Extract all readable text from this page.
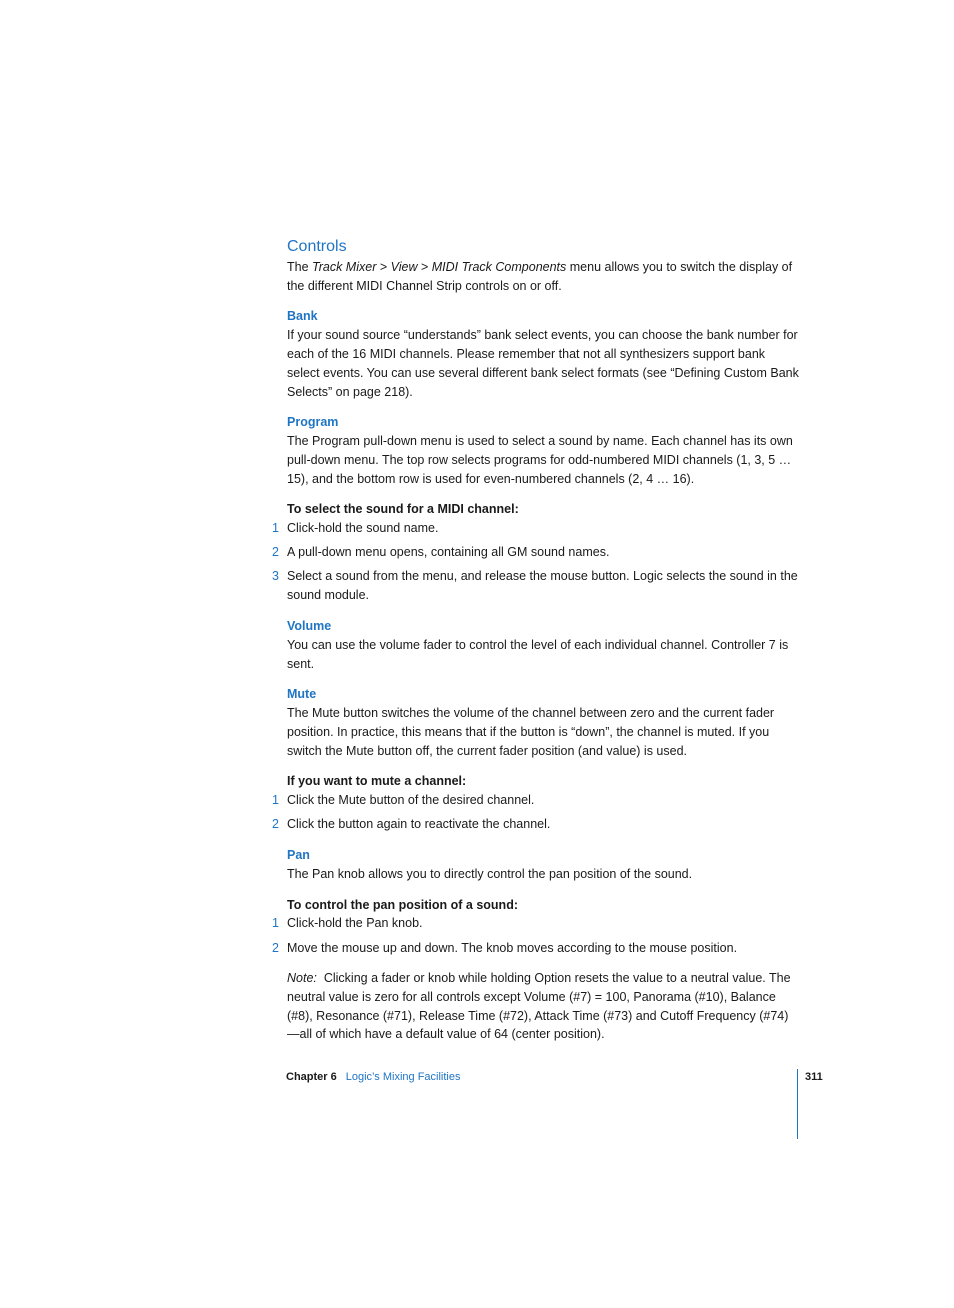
Controls

The Track Mixer > View > MIDI Track Components menu allows you to switch the display of the different MIDI Channel Strip controls on or off.

Bank

If your sound source “understands” bank select events, you can choose the bank number for each of the 16 MIDI channels. Please remember that not all synthesizers support bank select events. You can use several different bank select formats (see “Defining Custom Bank Selects” on page 218).

Program

The Program pull-down menu is used to select a sound by name. Each channel has its own pull-down menu. The top row selects programs for odd-numbered MIDI channels (1, 3, 5 … 15), and the bottom row is used for even-numbered channels (2, 4 … 16).

To select the sound for a MIDI channel:

1 Click-hold the sound name.
2 A pull-down menu opens, containing all GM sound names.
3 Select a sound from the menu, and release the mouse button. Logic selects the sound in the sound module.
Volume

You can use the volume fader to control the level of each individual channel. Controller 7 is sent.

Mute

The Mute button switches the volume of the channel between zero and the current fader position. In practice, this means that if the button is “down”, the channel is muted. If you switch the Mute button off, the current fader position (and value) is used.

If you want to mute a channel:

1 Click the Mute button of the desired channel.
2 Click the button again to reactivate the channel.
Pan

The Pan knob allows you to directly control the pan position of the sound.

To control the pan position of a sound:

1 Click-hold the Pan knob.
2 Move the mouse up and down. The knob moves according to the mouse position.

Note:  Clicking a fader or knob while holding Option resets the value to a neutral value. The neutral value is zero for all controls except Volume (#7) = 100, Panorama (#10), Balance (#8), Resonance (#71), Release Time (#72), Attack Time (#73) and Cutoff Frequency (#74)—all of which have a default value of 64 (center position).

Chapter 6 Logic’s Mixing Facilities	311
